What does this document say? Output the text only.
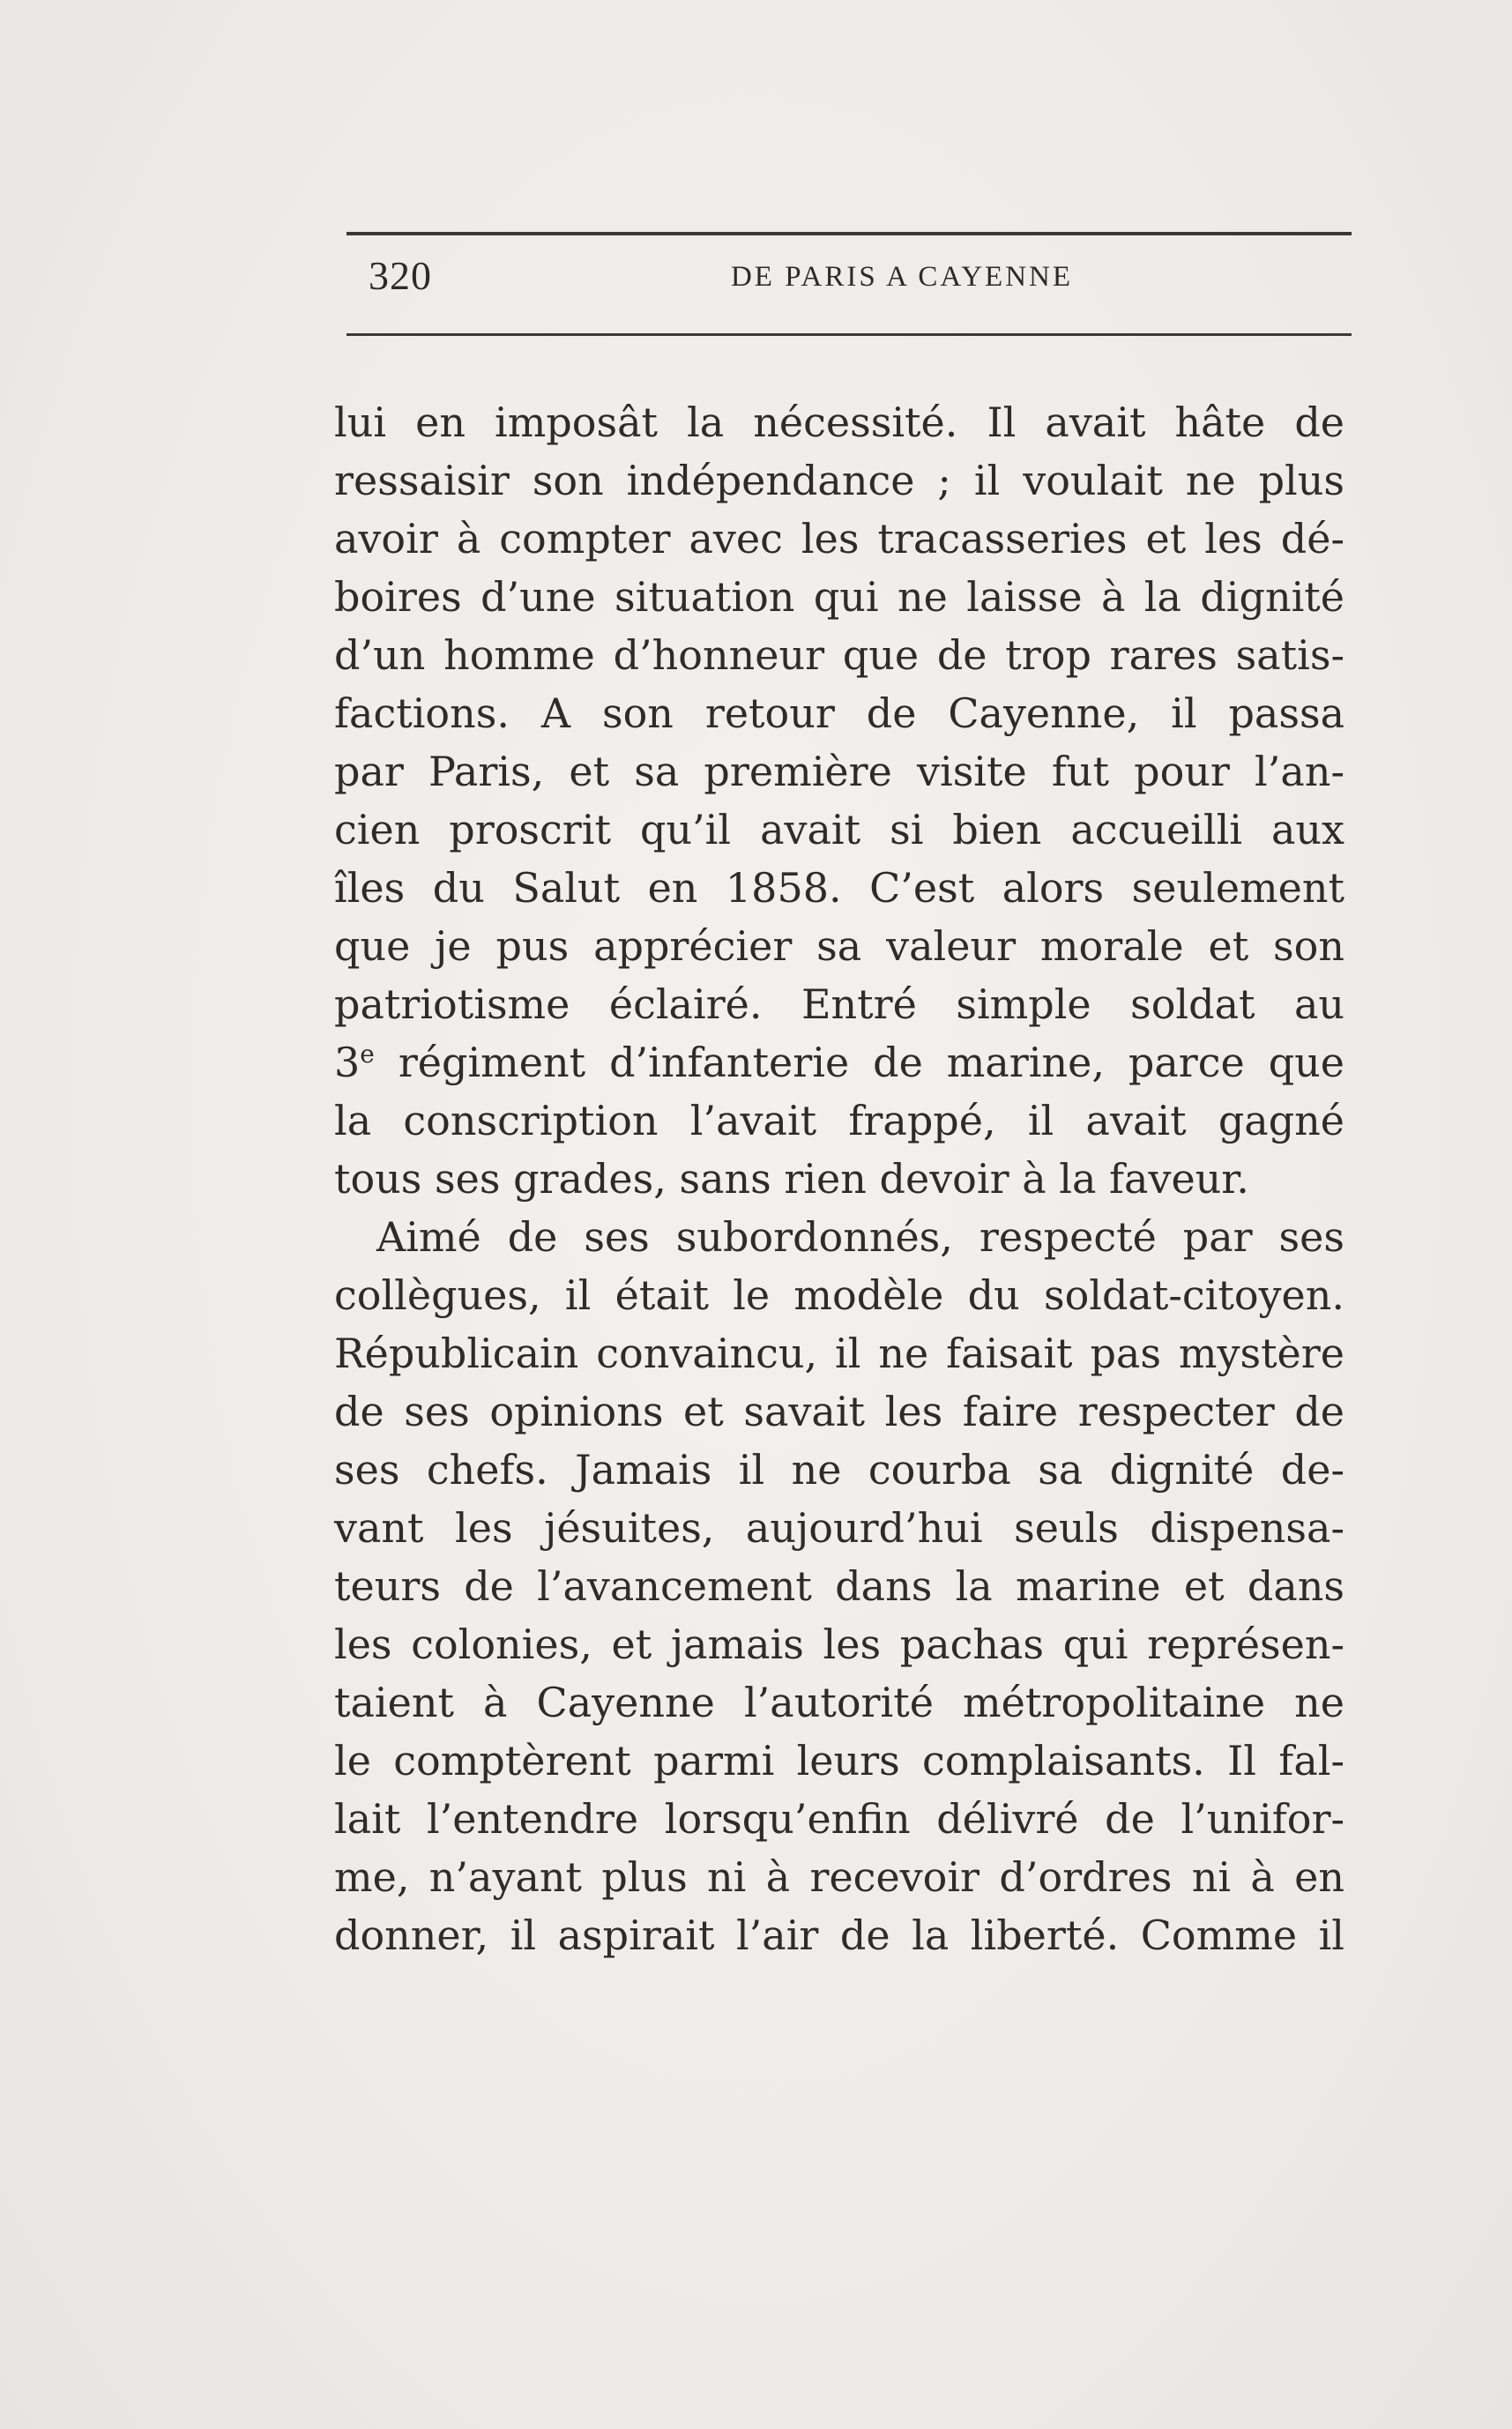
320	DE PARIS A CAYENNE
lui en imposât la nécessité. Il avait hâte de
ressaisir son indépendance ; il voulait ne plus
avoir à compter avec les tracasseries et les dé-
boires d’une situation qui ne laisse à la dignité
d’un homme d’honneur que de trop rares satis-
factions. A son retour de Cayenne, il passa
par Paris, et sa première visite fut pour l’an-
cien proscrit qu’il avait si bien accueilli aux
îles du Salut en 1858. C’est alors seulement
que je pus apprécier sa valeur morale et son
patriotisme éclairé. Entré simple soldat au
3e régiment d’infanterie de marine, parce que
la conscription l’avait frappé, il avait gagné
tous ses grades, sans rien devoir à la faveur.
Aimé de ses subordonnés, respecté par ses
collègues, il était le modèle du soldat-citoyen.
Républicain convaincu, il ne faisait pas mystère
de ses opinions et savait les faire respecter de
ses chefs. Jamais il ne courba sa dignité de-
vant les jésuites, aujourd’hui seuls dispensa-
teurs de l’avancement dans la marine et dans
les colonies, et jamais les pachas qui représen-
taient à Cayenne l’autorité métropolitaine ne
le comptèrent parmi leurs complaisants. Il fal-
lait l’entendre lorsqu’enfin délivré de l’unifor-
me, n’ayant plus ni à recevoir d’ordres ni à en
donner, il aspirait l’air de la liberté. Comme il
